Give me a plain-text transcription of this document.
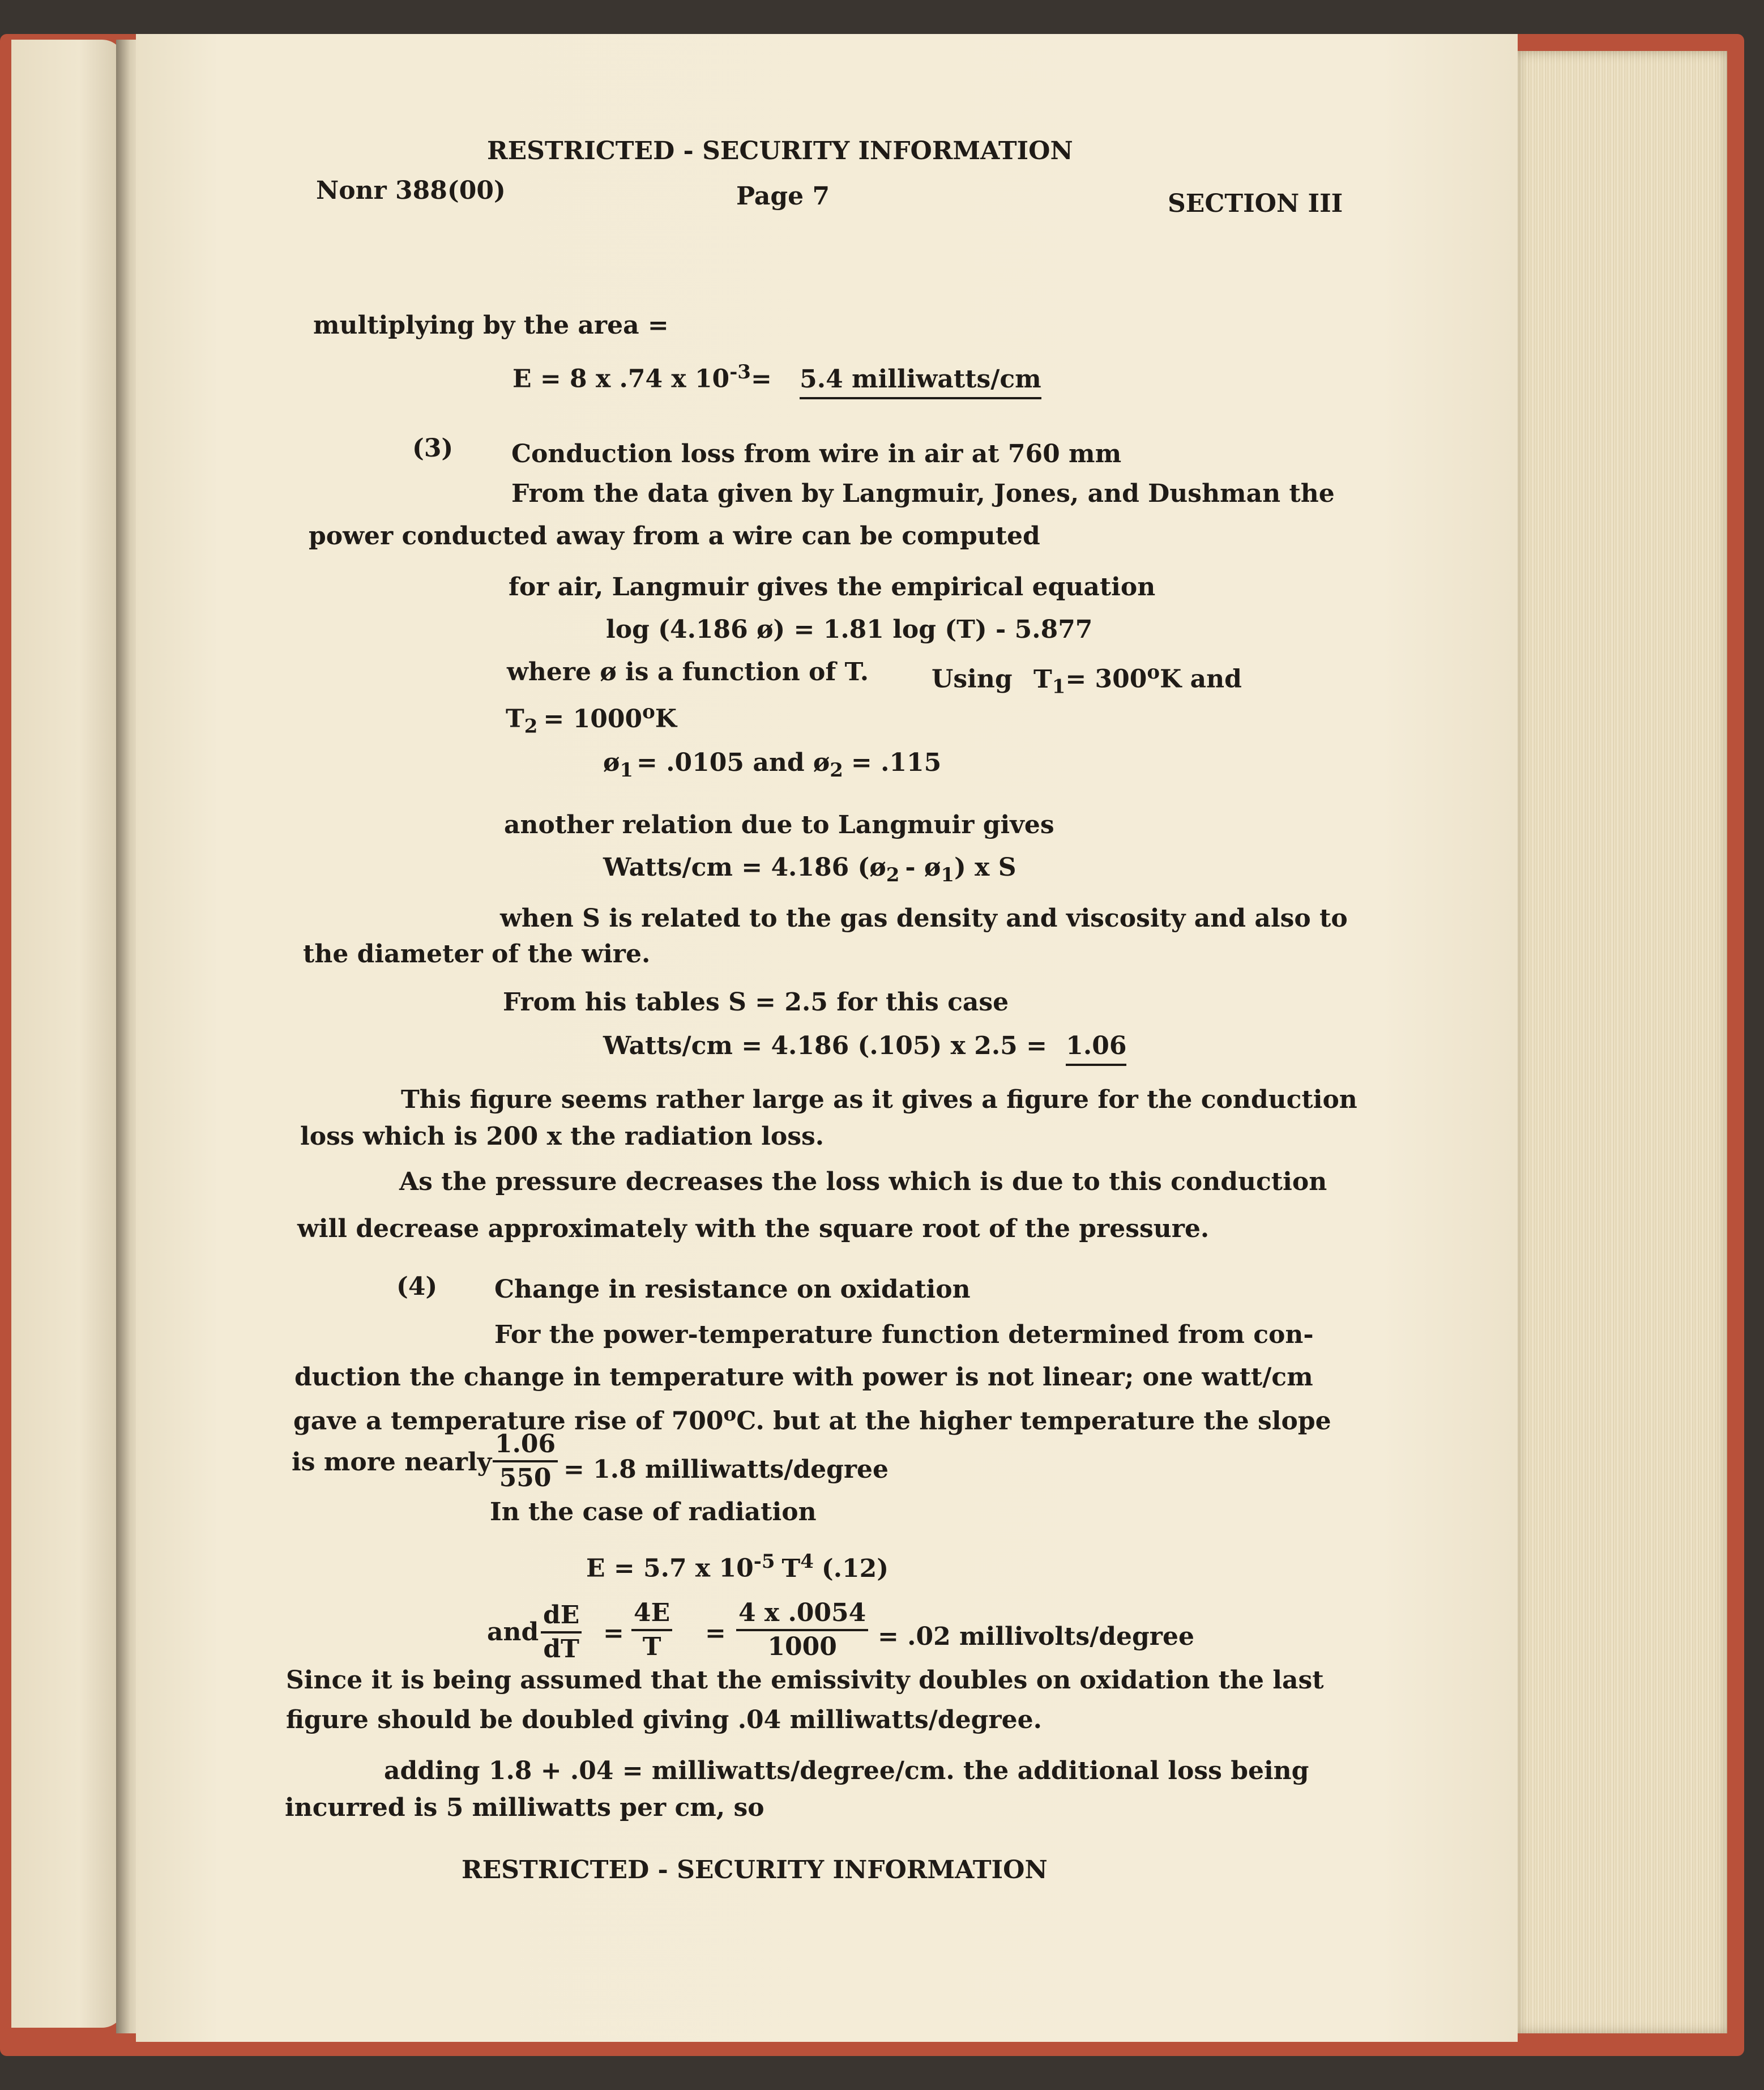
RESTRICTED - SECURITY INFORMATION
Nonr 388(00)	Page 7	SECTION III
multiplying by the area =
E = 8 x .74 x $10^{-3}= 5.4$ milliwatts/cm
(3) Conduction loss from wire in air at 760 mm
From the data given by Langmuir, Jones, and Dushman the
power conducted away from a wire can be computed
for air, Langmuir gives the empirical equation
log (4.186 ø) = 1.81 log (T) - 5.877
where ø is a function of T.	Using $T_1= 300^oK$ and
$T_2 = 1000^oK$
$ø_1 = .0105$ and $ø_2 = .115$
another relation due to Langmuir gives
Watts/cm = 4.186 ($ø_2$ - $ø_1$) x S
when S is related to the gas density and viscosity and also to
the diameter of the wire.
From his tables S = 2.5 for this case
Watts/cm = 4.186 (.105) x 2.5 = 1.06
This figure seems rather large as it gives a figure for the conduction
loss which is 200 x the radiation loss.
As the pressure decreases the loss which is due to this conduction
will decrease approximately with the square root of the pressure.
(4) Change in resistance on oxidation
For the power-temperature function determined from con-
duction the change in temperature with power is not linear; one watt/cm
gave a temperature rise of 700$^o$C. but at the higher temperature the slope
is more nearly $\frac{1.06}{550} = 1.8$ milliwatts/degree
In the case of radiation
E = 5.7 x $10^{-5}$ $T^4$ (.12)
and $\frac{dE}{dT} = \frac{4E}{T} = \frac{4 x .0054}{1000} = .02$ millivolts/degree
Since it is being assumed that the emissivity doubles on oxidation the last
figure should be doubled giving .04 milliwatts/degree.
adding 1.8 + .04 = milliwatts/degree/cm. the additional loss being
incurred is 5 milliwatts per cm, so
RESTRICTED - SECURITY INFORMATION
